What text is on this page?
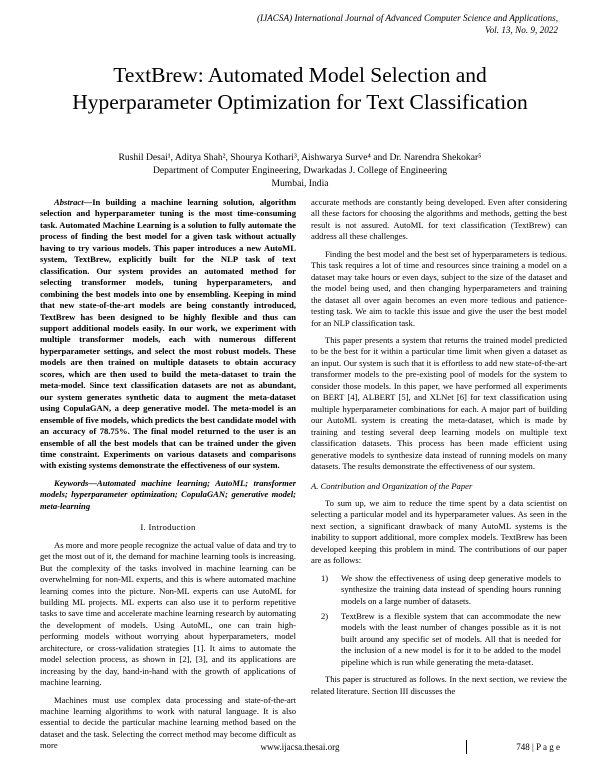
(IJACSA) International Journal of Advanced Computer Science and Applications,
Vol. 13, No. 9, 2022
TextBrew: Automated Model Selection and
Hyperparameter Optimization for Text Classification
Rushil Desai¹, Aditya Shah², Shourya Kothari³, Aishwarya Surve⁴ and Dr. Narendra Shekokar⁵
Department of Computer Engineering, Dwarkadas J. College of Engineering
Mumbai, India

Abstract—In building a machine learning solution, algorithm selection and hyperparameter tuning is the most time-consuming task. Automated Machine Learning is a solution to fully automate the process of finding the best model for a given task without actually having to try various models. This paper introduces a new AutoML system, TextBrew, explicitly built for the NLP task of text classification. Our system provides an automated method for selecting transformer models, tuning hyperparameters, and combining the best models into one by ensembling. Keeping in mind that new state-of-the-art models are being constantly introduced, TextBrew has been designed to be highly flexible and thus can support additional models easily. In our work, we experiment with multiple transformer models, each with numerous different hyperparameter settings, and select the most robust models. These models are then trained on multiple datasets to obtain accuracy scores, which are then used to build the meta-dataset to train the meta-model. Since text classification datasets are not as abundant, our system generates synthetic data to augment the meta-dataset using CopulaGAN, a deep generative model. The meta-model is an ensemble of five models, which predicts the best candidate model with an accuracy of 78.75%. The final model returned to the user is an ensemble of all the best models that can be trained under the given time constraint. Experiments on various datasets and comparisons with existing systems demonstrate the effectiveness of our system.

Keywords—Automated machine learning; AutoML; transformer models; hyperparameter optimization; CopulaGAN; generative model; meta-learning

I. Introduction

As more and more people recognize the actual value of data and try to get the most out of it, the demand for machine learning tools is increasing. But the complexity of the tasks involved in machine learning can be overwhelming for non-ML experts, and this is where automated machine learning comes into the picture. Non-ML experts can use AutoML for building ML projects. ML experts can also use it to perform repetitive tasks to save time and accelerate machine learning research by automating the development of models. Using AutoML, one can train high-performing models without worrying about hyperparameters, model architecture, or cross-validation strategies [1]. It aims to automate the model selection process, as shown in [2], [3], and its applications are increasing by the day, hand-in-hand with the growth of applications of machine learning.

Machines must use complex data processing and state-of-the-art machine learning algorithms to work with natural language. It is also essential to decide the particular machine learning method based on the dataset and the task. Selecting the correct method may become difficult as more

accurate methods are constantly being developed. Even after considering all these factors for choosing the algorithms and methods, getting the best result is not assured. AutoML for text classification (TextBrew) can address all these challenges.

Finding the best model and the best set of hyperparameters is tedious. This task requires a lot of time and resources since training a model on a dataset may take hours or even days, subject to the size of the dataset and the model being used, and then changing hyperparameters and training the dataset all over again becomes an even more tedious and patience-testing task. We aim to tackle this issue and give the user the best model for an NLP classification task.

This paper presents a system that returns the trained model predicted to be the best for it within a particular time limit when given a dataset as an input. Our system is such that it is effortless to add new state-of-the-art transformer models to the pre-existing pool of models for the system to consider those models. In this paper, we have performed all experiments on BERT [4], ALBERT [5], and XLNet [6] for text classification using multiple hyperparameter combinations for each. A major part of building our AutoML system is creating the meta-dataset, which is made by training and testing several deep learning models on multiple text classification datasets. This process has been made efficient using generative models to synthesize data instead of running models on many datasets. The results demonstrate the effectiveness of our system.

A. Contribution and Organization of the Paper

To sum up, we aim to reduce the time spent by a data scientist on selecting a particular model and its hyperparameter values. As seen in the next section, a significant drawback of many AutoML systems is the inability to support additional, more complex models. TextBrew has been developed keeping this problem in mind. The contributions of our paper are as follows:

1)	We show the effectiveness of using deep generative models to synthesize the training data instead of spending hours running models on a large number of datasets.
2)	TextBrew is a flexible system that can accommodate the new models with the least number of changes possible as it is not built around any specific set of models. All that is needed for the inclusion of a new model is for it to be added to the model pipeline which is run while generating the meta-dataset.

This paper is structured as follows. In the next section, we review the related literature. Section III discusses the

www.ijacsa.thesai.org	748 | P a g e
